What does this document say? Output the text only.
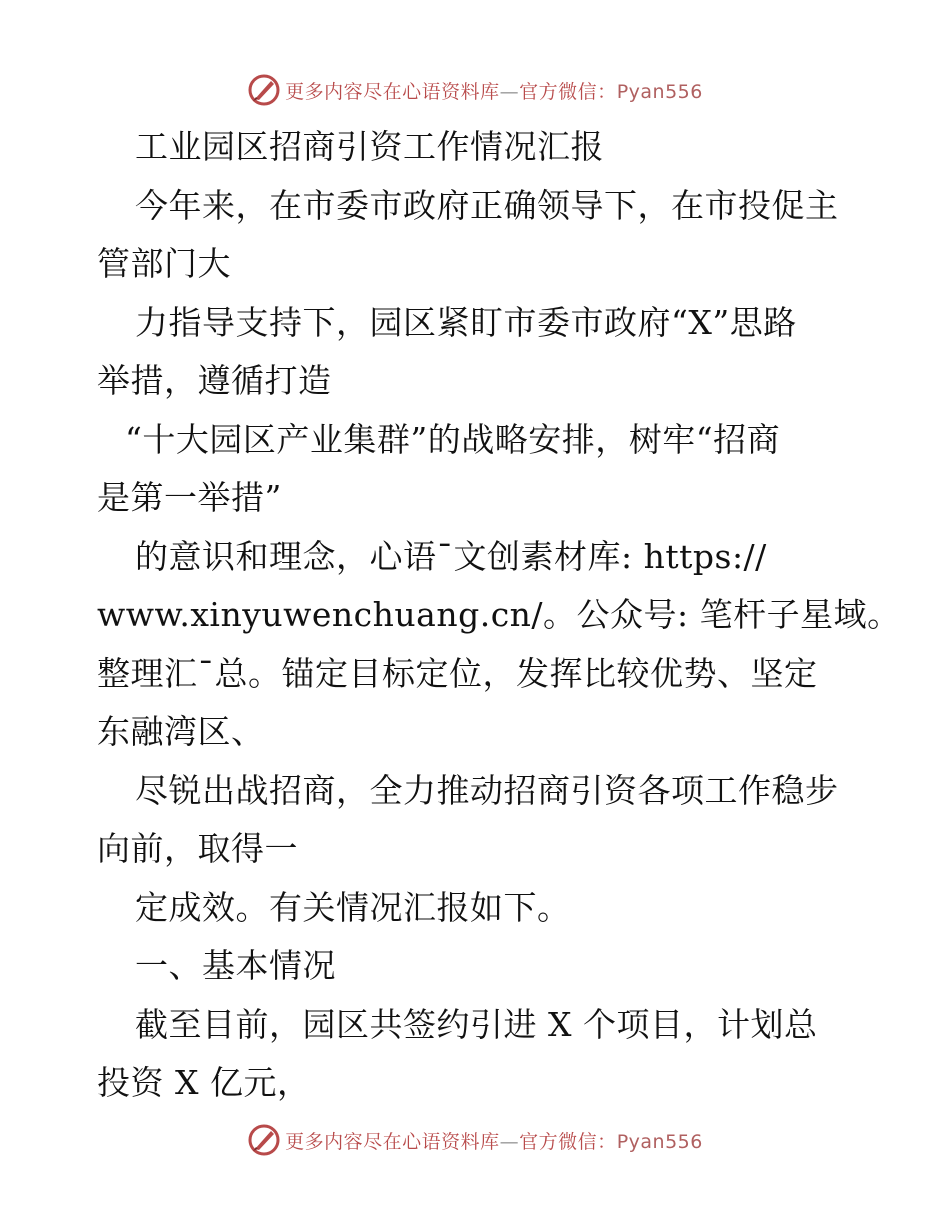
更多内容尽在心语资料库—官方微信：Pyan556
工业园区招商引资工作情况汇报
今年来，在市委市政府正确领导下，在市投促主
管部门大
力指导支持下，园区紧盯市委市政府“X”思路
举措，遵循打造
“十大园区产业集群”的战略安排，树牢“招商
是第一举措”
的意识和理念，心语¯文创素材库: https://
www.xinyuwenchuang.cn/。公众号: 笔杆子星域。
整理汇¯总。锚定目标定位，发挥比较优势、坚定
东融湾区、
尽锐出战招商，全力推动招商引资各项工作稳步
向前，取得一
定成效。有关情况汇报如下。
一、基本情况
截至目前，园区共签约引进 X 个项目，计划总
投资 X 亿元，
更多内容尽在心语资料库—官方微信：Pyan556
